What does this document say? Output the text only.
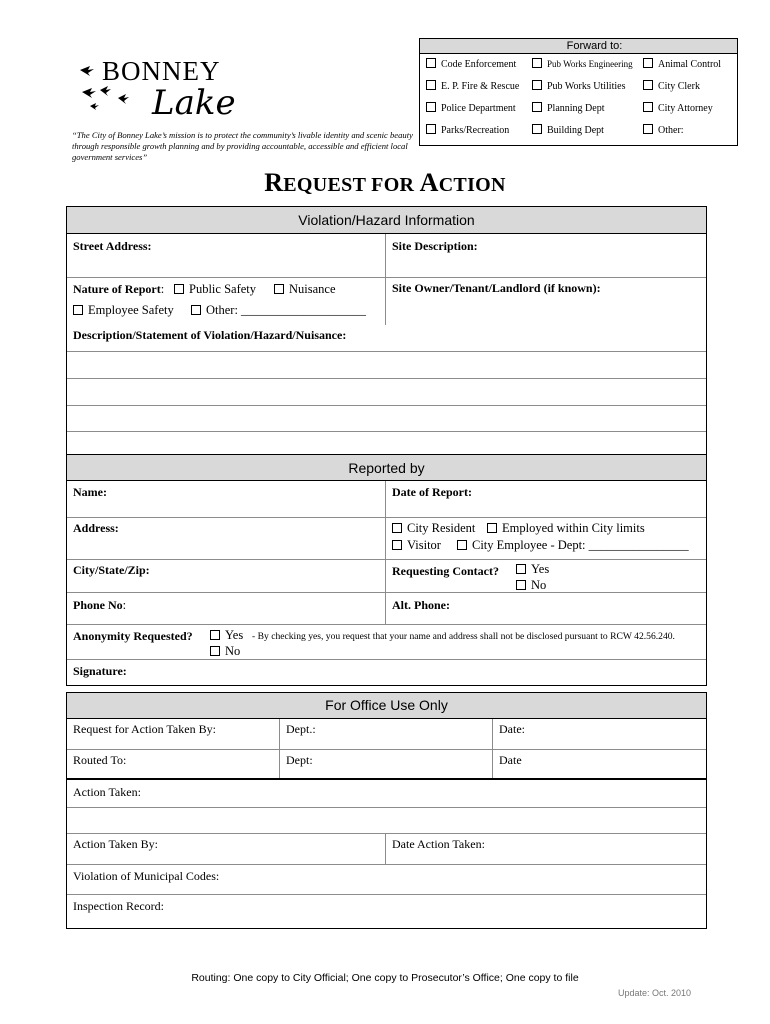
BONNEY
Lake
“The City of Bonney Lake’s mission is to protect the community’s livable identity and scenic beauty through responsible growth planning and by providing accountable, accessible and efficient local government services”
Forward to:
Code Enforcement	Pub Works Engineering	Animal Control
E. P. Fire & Rescue	Pub Works Utilities	City Clerk
Police Department	Planning Dept	City Attorney
Parks/Recreation	Building Dept	Other:
REQUEST FOR ACTION
Violation/Hazard Information
Street Address:	Site Description:
Nature of Report:	Public Safety	Nuisance
Employee Safety	Other: ____________________
Site Owner/Tenant/Landlord (if known):
Description/Statement of Violation/Hazard/Nuisance:
Reported by
Name:	Date of Report:
Address:	City Resident	Employed within City limits
Visitor	City Employee - Dept: ________________
City/State/Zip:	Requesting Contact?	Yes
No
Phone No:	Alt. Phone:
Anonymity Requested?	Yes - By checking yes, you request that your name and address shall not be disclosed pursuant to RCW 42.56.240.
No
Signature:
For Office Use Only
Request for Action Taken By:	Dept.:	Date:
Routed To:	Dept:	Date
Action Taken:
Action Taken By:	Date Action Taken:
Violation of Municipal Codes:
Inspection Record:
Routing: One copy to City Official; One copy to Prosecutor’s Office; One copy to file
Update: Oct. 2010
